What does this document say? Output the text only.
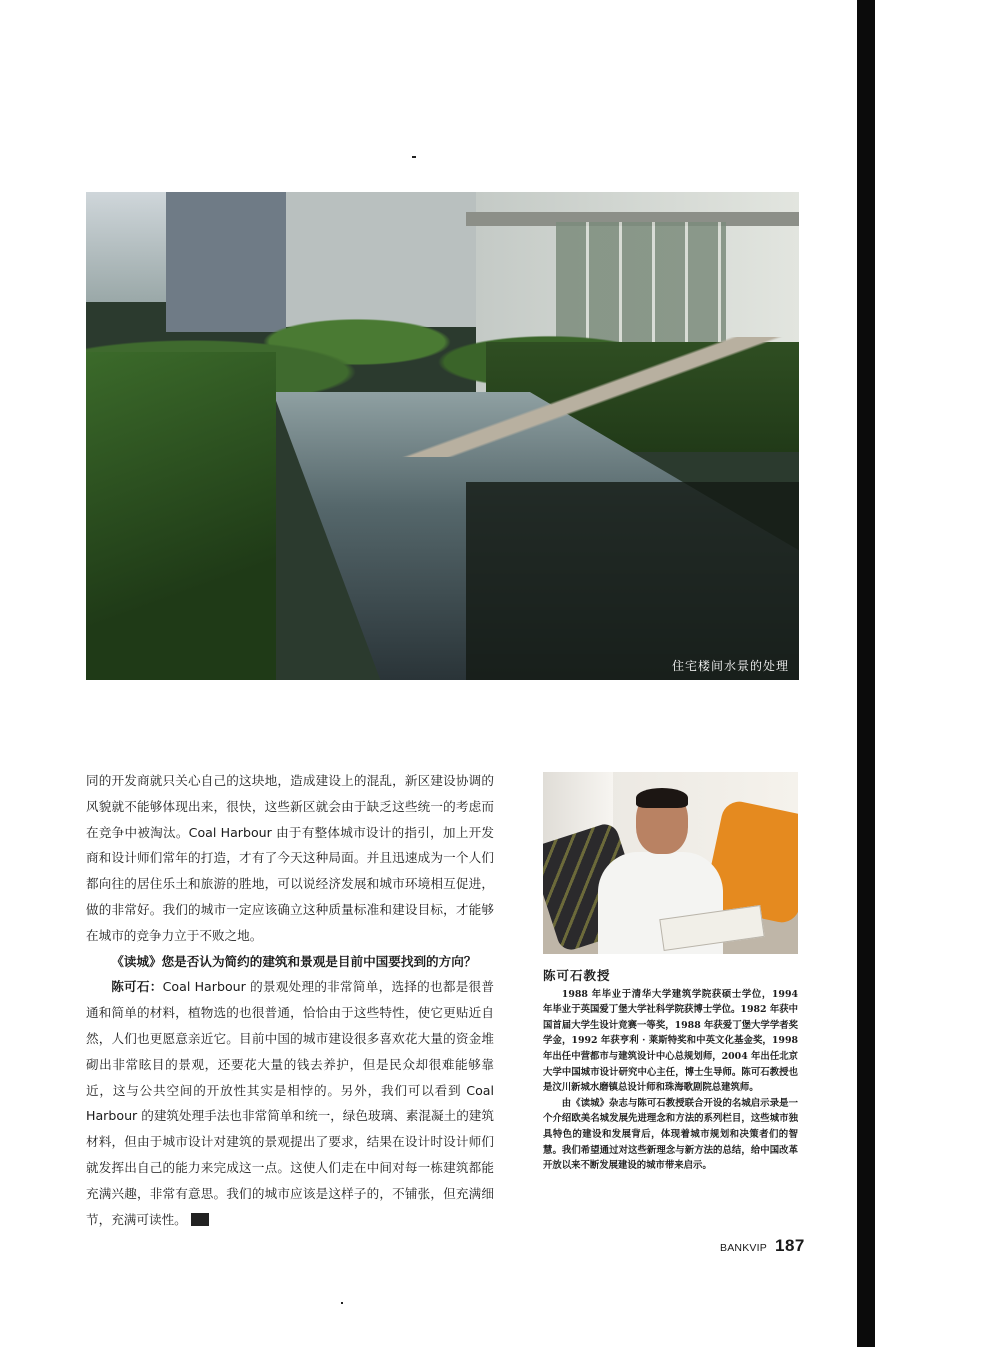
住宅楼间水景的处理

同的开发商就只关心自己的这块地，造成建设上的混乱，新区建设协调的风貌就不能够体现出来，很快，这些新区就会由于缺乏这些统一的考虑而在竞争中被淘汰。Coal Harbour 由于有整体城市设计的指引，加上开发商和设计师们常年的打造，才有了今天这种局面。并且迅速成为一个人们都向往的居住乐土和旅游的胜地，可以说经济发展和城市环境相互促进，做的非常好。我们的城市一定应该确立这种质量标准和建设目标，才能够在城市的竞争力立于不败之地。

《读城》您是否认为简约的建筑和景观是目前中国要找到的方向？

陈可石：Coal Harbour 的景观处理的非常简单，选择的也都是很普通和简单的材料，植物选的也很普通，恰恰由于这些特性，使它更贴近自然，人们也更愿意亲近它。目前中国的城市建设很多喜欢花大量的资金堆砌出非常眩目的景观，还要花大量的钱去养护，但是民众却很难能够靠近，这与公共空间的开放性其实是相悖的。另外，我们可以看到 Coal Harbour 的建筑处理手法也非常简单和统一，绿色玻璃、素混凝土的建筑材料，但由于城市设计对建筑的景观提出了要求，结果在设计时设计师们就发挥出自己的能力来完成这一点。这使人们走在中间对每一栋建筑都能充满兴趣，非常有意思。我们的城市应该是这样子的，不铺张，但充满细节，充满可读性。

陈可石教授

1988 年毕业于清华大学建筑学院获硕士学位，1994 年毕业于英国爱丁堡大学社科学院获博士学位。1982 年获中国首届大学生设计竞赛一等奖，1988 年获爱丁堡大学学者奖学金，1992 年获亨利 · 莱斯特奖和中英文化基金奖，1998 年出任中营都市与建筑设计中心总规划师，2004 年出任北京大学中国城市设计研究中心主任，博士生导师。陈可石教授也是汶川新城水磨镇总设计师和珠海歌剧院总建筑师。

由《读城》杂志与陈可石教授联合开设的名城启示录是一个介绍欧美名城发展先进理念和方法的系列栏目，这些城市独具特色的建设和发展背后，体现着城市规划和决策者们的智慧。我们希望通过对这些新理念与新方法的总结，给中国改革开放以来不断发展建设的城市带来启示。

BANKVIP 187
